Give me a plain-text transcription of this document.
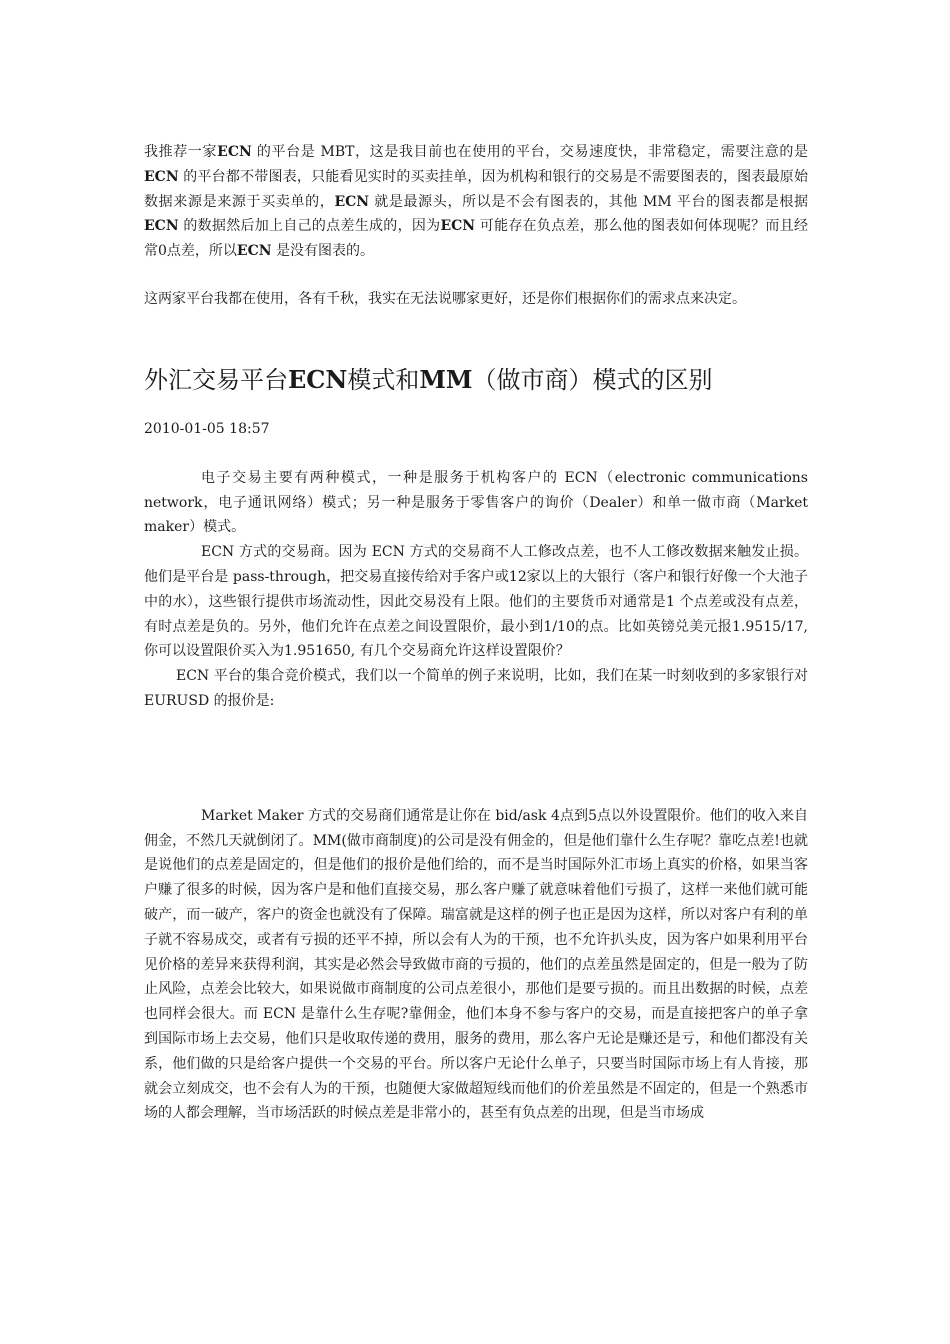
我推荐一家ECN 的平台是 MBT，这是我目前也在使用的平台，交易速度快，非常稳定，需要注意的是ECN 的平台都不带图表，只能看见实时的买卖挂单，因为机构和银行的交易是不需要图表的，图表最原始数据来源是来源于买卖单的，ECN 就是最源头，所以是不会有图表的，其他 MM 平台的图表都是根据ECN 的数据然后加上自己的点差生成的，因为ECN 可能存在负点差，那么他的图表如何体现呢？而且经常0点差，所以ECN 是没有图表的。

这两家平台我都在使用，各有千秋，我实在无法说哪家更好，还是你们根据你们的需求点来决定。

外汇交易平台ECN模式和MM（做市商）模式的区别
2010-01-05 18:57

电子交易主要有两种模式，一种是服务于机构客户的 ECN（electronic communications network，电子通讯网络）模式；另一种是服务于零售客户的询价（Dealer）和单一做市商（Market maker）模式。

ECN 方式的交易商。因为 ECN 方式的交易商不人工修改点差，也不人工修改数据来触发止损。他们是平台是 pass-through，把交易直接传给对手客户或12家以上的大银行（客户和银行好像一个大池子中的水），这些银行提供市场流动性，因此交易没有上限。他们的主要货币对通常是1 个点差或没有点差，有时点差是负的。另外，他们允许在点差之间设置限价，最小到1/10的点。比如英镑兑美元报1.9515/17, 你可以设置限价买入为1.951650, 有几个交易商允许这样设置限价？

ECN 平台的集合竞价模式，我们以一个简单的例子来说明，比如，我们在某一时刻收到的多家银行对 EURUSD 的报价是:

Market Maker 方式的交易商们通常是让你在 bid/ask 4点到5点以外设置限价。他们的收入来自佣金，不然几天就倒闭了。MM(做市商制度)的公司是没有佣金的，但是他们靠什么生存呢？靠吃点差!也就是说他们的点差是固定的，但是他们的报价是他们给的，而不是当时国际外汇市场上真实的价格，如果当客户赚了很多的时候，因为客户是和他们直接交易，那么客户赚了就意味着他们亏损了，这样一来他们就可能破产，而一破产，客户的资金也就没有了保障。瑞富就是这样的例子也正是因为这样，所以对客户有利的单子就不容易成交，或者有亏损的还平不掉，所以会有人为的干预，也不允许扒头皮，因为客户如果利用平台见价格的差异来获得利润，其实是必然会导致做市商的亏损的，他们的点差虽然是固定的，但是一般为了防止风险，点差会比较大，如果说做市商制度的公司点差很小，那他们是要亏损的。而且出数据的时候，点差也同样会很大。而 ECN 是靠什么生存呢?靠佣金，他们本身不参与客户的交易，而是直接把客户的单子拿到国际市场上去交易，他们只是收取传递的费用，服务的费用，那么客户无论是赚还是亏，和他们都没有关系，他们做的只是给客户提供一个交易的平台。所以客户无论什么单子，只要当时国际市场上有人肯接，那就会立刻成交，也不会有人为的干预，也随便大家做超短线而他们的价差虽然是不固定的，但是一个熟悉市场的人都会理解，当市场活跃的时候点差是非常小的，甚至有负点差的出现，但是当市场成
